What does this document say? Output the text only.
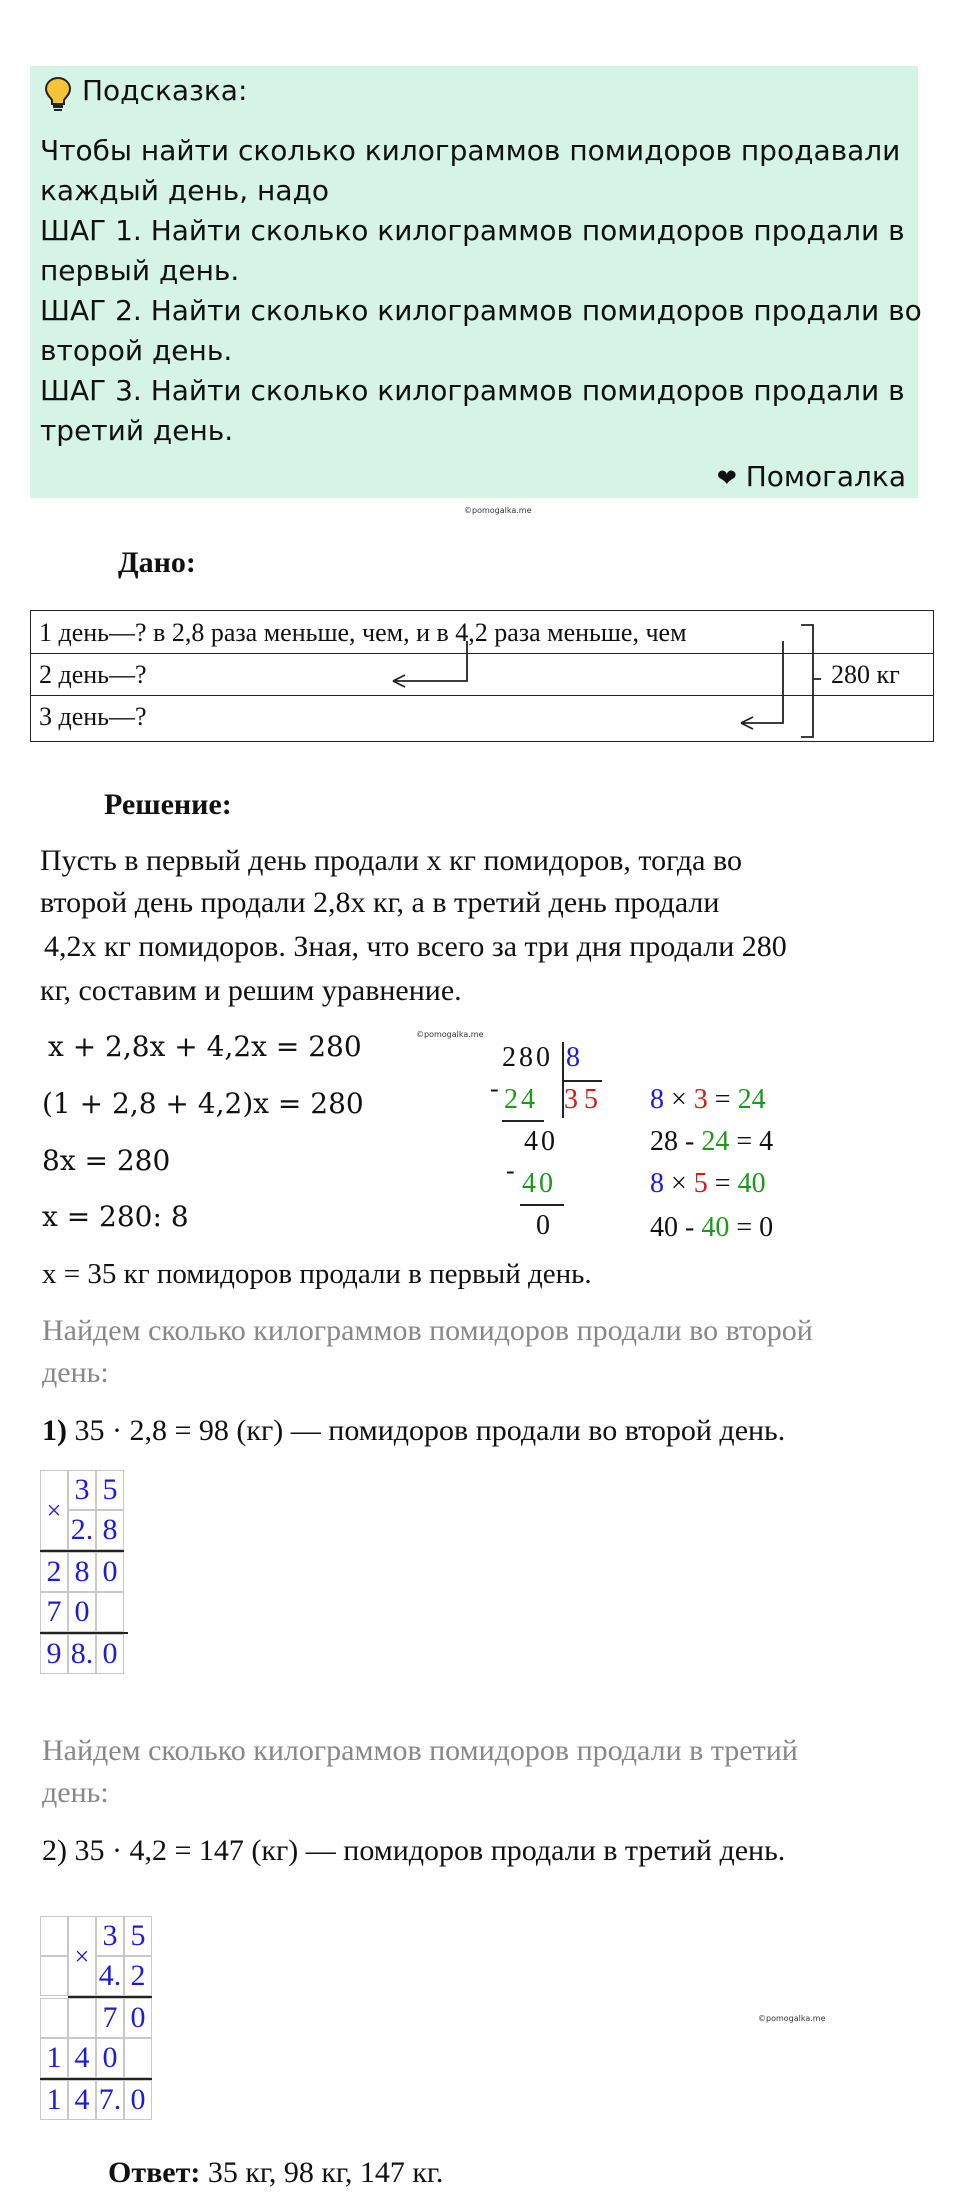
Подсказка:
Чтобы найти сколько килограммов помидоров продавали
каждый день, надо
ШАГ 1. Найти сколько килограммов помидоров продали в
первый день.
ШАГ 2. Найти сколько килограммов помидоров продали во
второй день.
ШАГ 3. Найти сколько килограммов помидоров продали в
третий день.
❤ Помогалка
©pomogalka.me
Дано:
1 день—? в 2,8 раза меньше, чем, и в 4,2 раза меньше, чем
2 день—?
3 день—?
280 кг
Решение:
Пусть в первый день продали x кг помидоров, тогда во
второй день продали 2,8x кг, а в третий день продали
4,2x кг помидоров. Зная, что всего за три дня продали 280
кг, составим и решим уравнение.
x + 2,8x + 4,2x = 280
(1 + 2,8 + 4,2)x = 280
8x = 280
x = 280: 8
x = 35 кг помидоров продали в первый день.
©pomogalka.me
280 8
- 24 3 5
40
- 40
0
8 × 3 = 24
28 - 24 = 4
8 × 5 = 40
40 - 40 = 0
Найдем сколько килограммов помидоров продали во второй
день:
1) 35 · 2,8 = 98 (кг) — помидоров продали во второй день.
×
3 5
2. 8
2 8 0
7 0
9 8. 0
Найдем сколько килограммов помидоров продали в третий
день:
2) 35 · 4,2 = 147 (кг) — помидоров продали в третий день.
×
3 5
4. 2
7 0
1 4 0
1 4 7. 0
©pomogalka.me
Ответ: 35 кг, 98 кг, 147 кг.
